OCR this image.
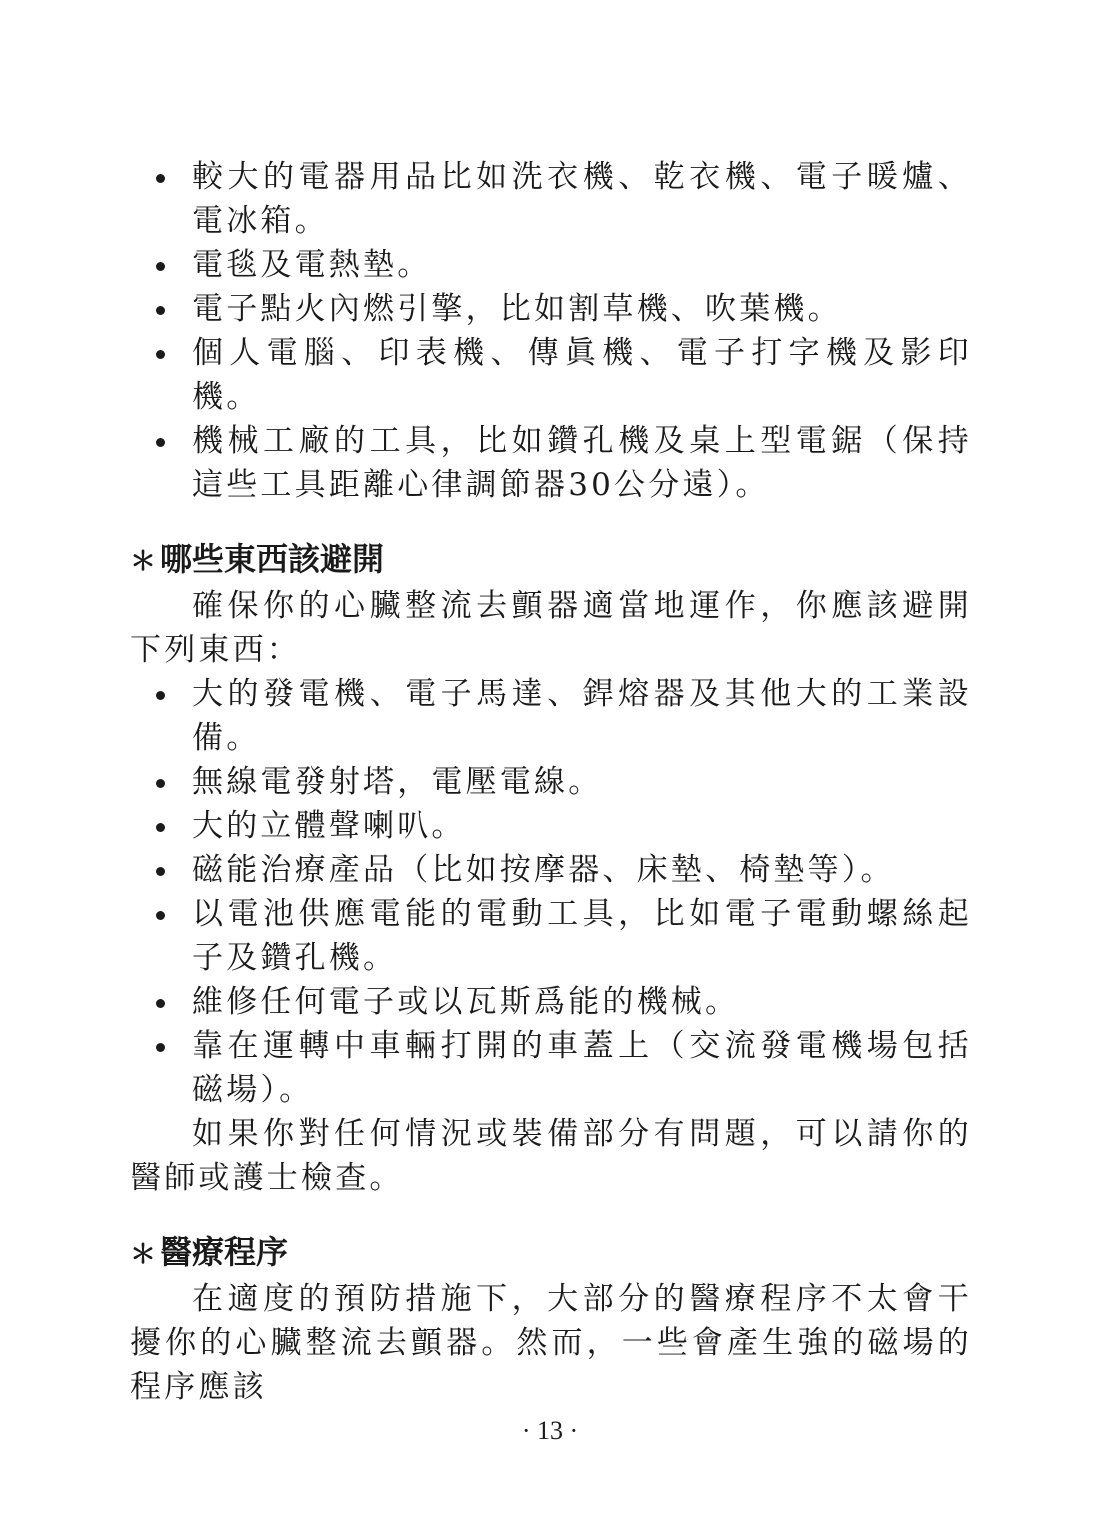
較大的電器用品比如洗衣機、乾衣機、電子暖爐、電冰箱。
電毯及電熱墊。
電子點火內燃引擎，比如割草機、吹葉機。
個人電腦、印表機、傳眞機、電子打字機及影印機。
機械工廠的工具，比如鑽孔機及桌上型電鋸（保持這些工具距離心律調節器30公分遠）。
＊ 哪些東西該避開

確保你的心臟整流去顫器適當地運作，你應該避開下列東西：

大的發電機、電子馬達、銲熔器及其他大的工業設備。
無線電發射塔，電壓電線。
大的立體聲喇叭。
磁能治療產品（比如按摩器、床墊、椅墊等）。
以電池供應電能的電動工具，比如電子電動螺絲起子及鑽孔機。
維修任何電子或以瓦斯爲能的機械。
靠在運轉中車輛打開的車蓋上（交流發電機場包括磁場）。

如果你對任何情況或裝備部分有問題，可以請你的醫師或護士檢查。

＊ 醫療程序

在適度的預防措施下，大部分的醫療程序不太會干擾你的心臟整流去顫器。然而，一些會產生強的磁場的程序應該

· 13 ·
